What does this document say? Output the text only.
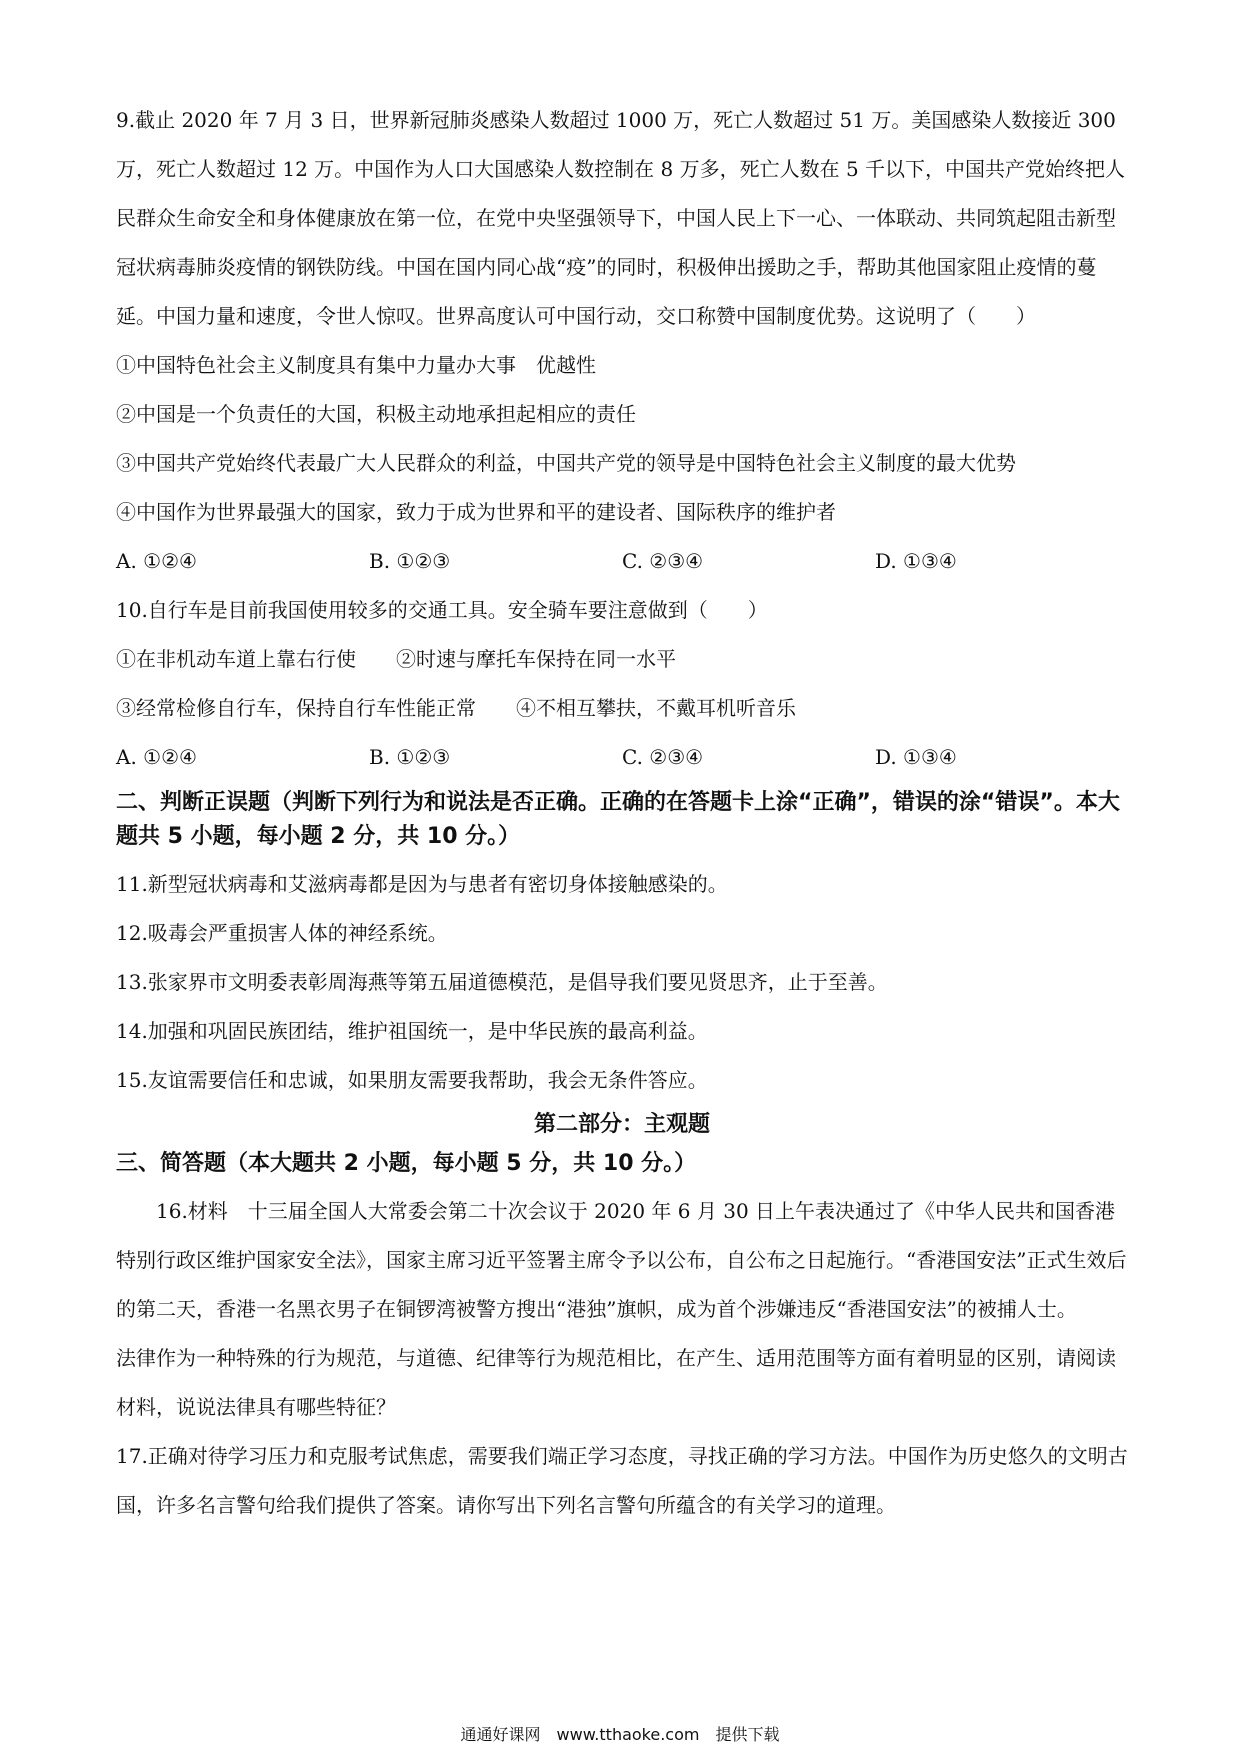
9.截止 2020 年 7 月 3 日，世界新冠肺炎感染人数超过 1000 万，死亡人数超过 51 万。美国感染人数接近 300 万，死亡人数超过 12 万。中国作为人口大国感染人数控制在 8 万多，死亡人数在 5 千以下，中国共产党始终把人民群众生命安全和身体健康放在第一位，在党中央坚强领导下，中国人民上下一心、一体联动、共同筑起阻击新型冠状病毒肺炎疫情的钢铁防线。中国在国内同心战“疫”的同时，积极伸出援助之手，帮助其他国家阻止疫情的蔓延。中国力量和速度，令世人惊叹。世界高度认可中国行动，交口称赞中国制度优势。这说明了（　　）

①中国特色社会主义制度具有集中力量办大事　优越性

②中国是一个负责任的大国，积极主动地承担起相应的责任

③中国共产党始终代表最广大人民群众的利益，中国共产党的领导是中国特色社会主义制度的最大优势

④中国作为世界最强大的国家，致力于成为世界和平的建设者、国际秩序的维护者

A. ①②④	B. ①②③	C. ②③④	D. ①③④

10.自行车是目前我国使用较多的交通工具。安全骑车要注意做到（　　）

①在非机动车道上靠右行使　　②时速与摩托车保持在同一水平

③经常检修自行车，保持自行车性能正常　　④不相互攀扶，不戴耳机听音乐

A. ①②④	B. ①②③	C. ②③④	D. ①③④
二、判断正误题（判断下列行为和说法是否正确。正确的在答题卡上涂“正确”，错误的涂“错误”。本大题共 5 小题，每小题 2 分，共 10 分。）

11.新型冠状病毒和艾滋病毒都是因为与患者有密切身体接触感染的。

12.吸毒会严重损害人体的神经系统。

13.张家界市文明委表彰周海燕等第五届道德模范，是倡导我们要见贤思齐，止于至善。

14.加强和巩固民族团结，维护祖国统一，是中华民族的最高利益。

15.友谊需要信任和忠诚，如果朋友需要我帮助，我会无条件答应。

第二部分：主观题
三、简答题（本大题共 2 小题，每小题 5 分，共 10 分。）

16.材料　十三届全国人大常委会第二十次会议于 2020 年 6 月 30 日上午表决通过了《中华人民共和国香港特别行政区维护国家安全法》，国家主席习近平签署主席令予以公布，自公布之日起施行。“香港国安法”正式生效后的第二天，香港一名黑衣男子在铜锣湾被警方搜出“港独”旗帜，成为首个涉嫌违反“香港国安法”的被捕人士。

法律作为一种特殊的行为规范，与道德、纪律等行为规范相比，在产生、适用范围等方面有着明显的区别，请阅读材料，说说法律具有哪些特征？

17.正确对待学习压力和克服考试焦虑，需要我们端正学习态度，寻找正确的学习方法。中国作为历史悠久的文明古国，许多名言警句给我们提供了答案。请你写出下列名言警句所蕴含的有关学习的道理。

通通好课网　www.tthaoke.com　提供下载
